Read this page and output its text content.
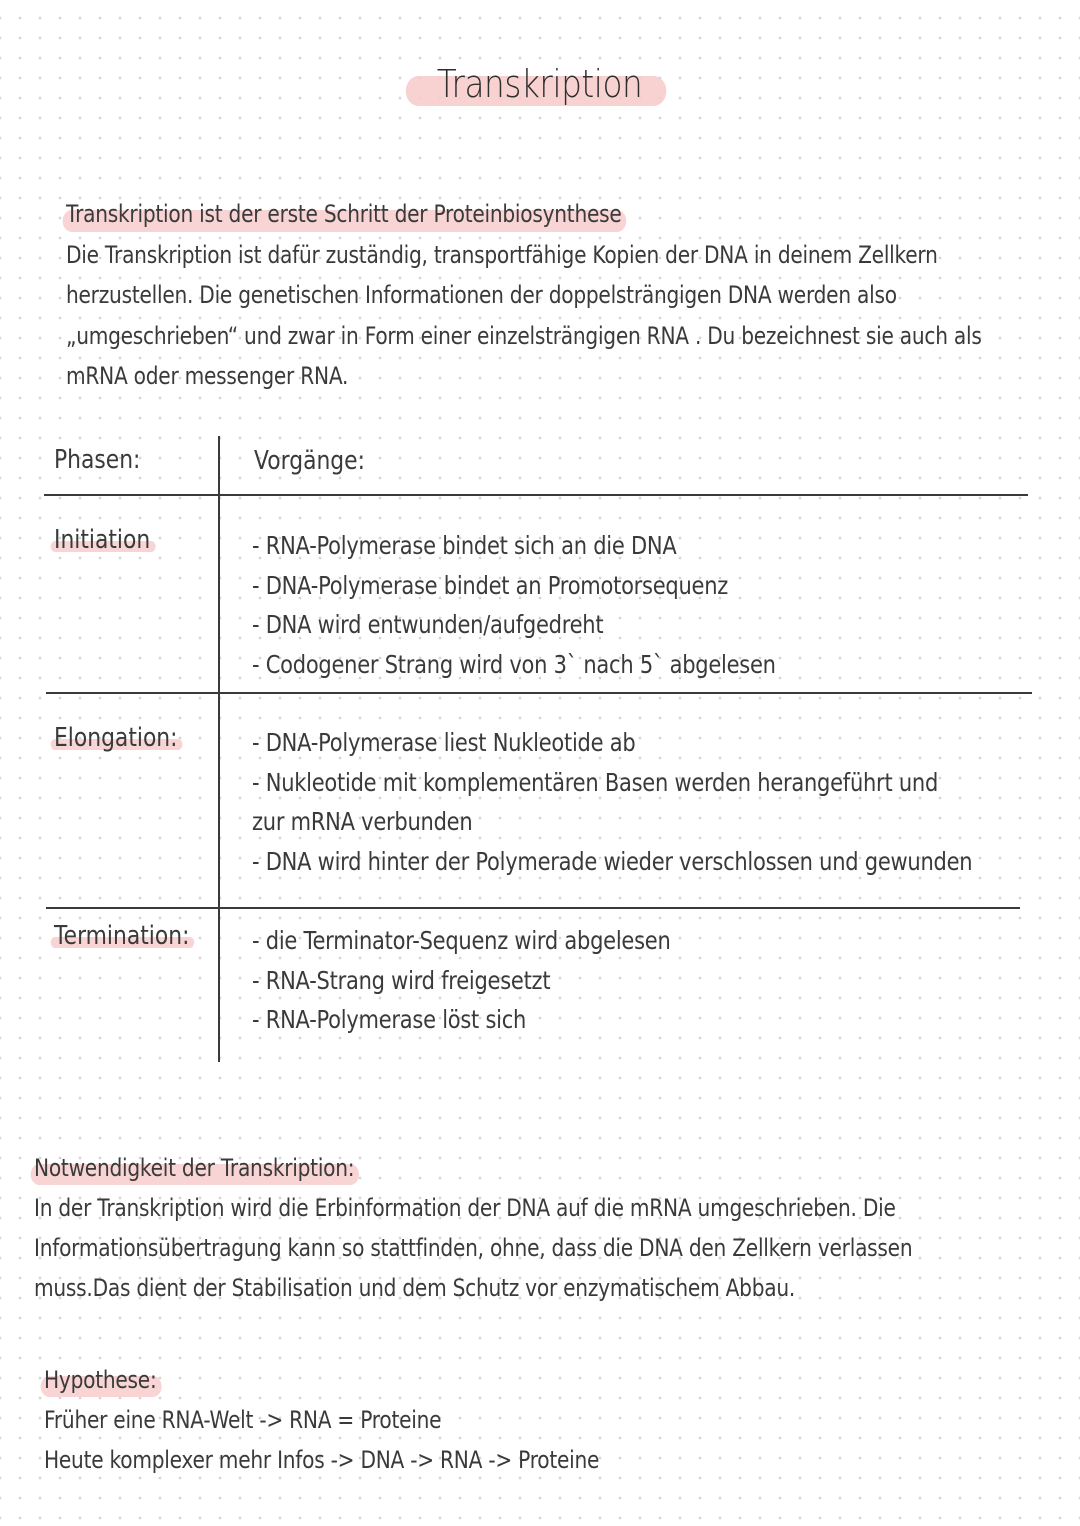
Transkription
Transkription ist der erste Schritt der Proteinbiosynthese
Die Transkription ist dafür zuständig, transportfähige Kopien der DNA in deinem Zellkern
herzustellen. Die genetischen Informationen der doppelsträngigen DNA werden also
„umgeschrieben“ und zwar in Form einer einzelsträngigen RNA . Du bezeichnest sie auch als
mRNA oder messenger RNA.
Phasen:	Vorgänge:
Initiation	- RNA-Polymerase bindet sich an die DNA
- DNA-Polymerase bindet an Promotorsequenz
- DNA wird entwunden/aufgedreht
- Codogener Strang wird von 3` nach 5` abgelesen
Elongation:	- DNA-Polymerase liest Nukleotide ab
- Nukleotide mit komplementären Basen werden herangeführt und
zur mRNA verbunden
- DNA wird hinter der Polymerade wieder verschlossen und gewunden
Termination:	- die Terminator-Sequenz wird abgelesen
- RNA-Strang wird freigesetzt
- RNA-Polymerase löst sich
Notwendigkeit der Transkription:
In der Transkription wird die Erbinformation der DNA auf die mRNA umgeschrieben. Die
Informationsübertragung kann so stattfinden, ohne, dass die DNA den Zellkern verlassen
muss.Das dient der Stabilisation und dem Schutz vor enzymatischem Abbau.
Hypothese:
Früher eine RNA-Welt -> RNA = Proteine
Heute komplexer mehr Infos -> DNA -> RNA -> Proteine
